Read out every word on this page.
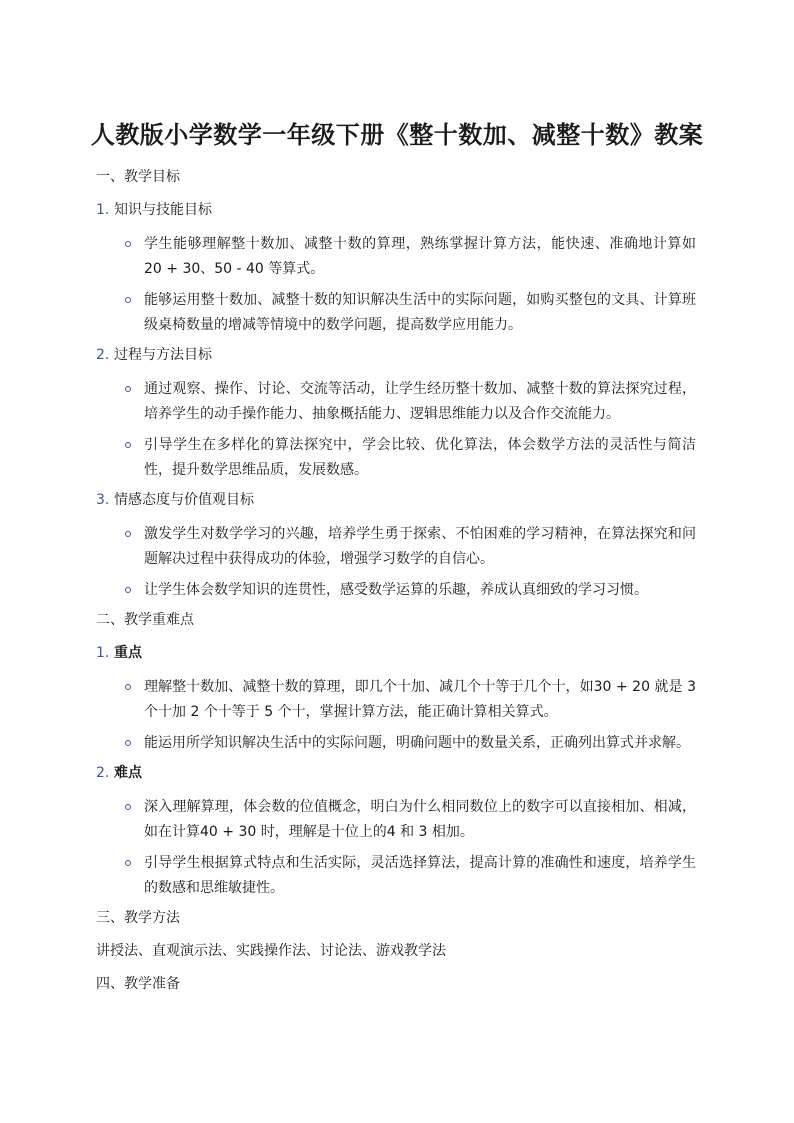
人教版小学数学一年级下册《整十数加、减整十数》教案
一、教学目标
1. 知识与技能目标
学生能够理解整十数加、减整十数的算理，熟练掌握计算方法，能快速、准确地计算如 20 + 30、50 - 40 等算式。
能够运用整十数加、减整十数的知识解决生活中的实际问题，如购买整包的文具、计算班级桌椅数量的增减等情境中的数学问题，提高数学应用能力。
2. 过程与方法目标
通过观察、操作、讨论、交流等活动，让学生经历整十数加、减整十数的算法探究过程，培养学生的动手操作能力、抽象概括能力、逻辑思维能力以及合作交流能力。
引导学生在多样化的算法探究中，学会比较、优化算法，体会数学方法的灵活性与简洁性，提升数学思维品质，发展数感。
3. 情感态度与价值观目标
激发学生对数学学习的兴趣，培养学生勇于探索、不怕困难的学习精神，在算法探究和问题解决过程中获得成功的体验，增强学习数学的自信心。
让学生体会数学知识的连贯性，感受数学运算的乐趣，养成认真细致的学习习惯。
二、教学重难点
1. 重点
理解整十数加、减整十数的算理，即几个十加、减几个十等于几个十，如30 + 20 就是 3 个十加 2 个十等于 5 个十，掌握计算方法，能正确计算相关算式。
能运用所学知识解决生活中的实际问题，明确问题中的数量关系，正确列出算式并求解。
2. 难点
深入理解算理，体会数的位值概念，明白为什么相同数位上的数字可以直接相加、相减，如在计算40 + 30 时，理解是十位上的4 和 3 相加。
引导学生根据算式特点和生活实际，灵活选择算法，提高计算的准确性和速度，培养学生的数感和思维敏捷性。
三、教学方法
讲授法、直观演示法、实践操作法、讨论法、游戏教学法
四、教学准备
